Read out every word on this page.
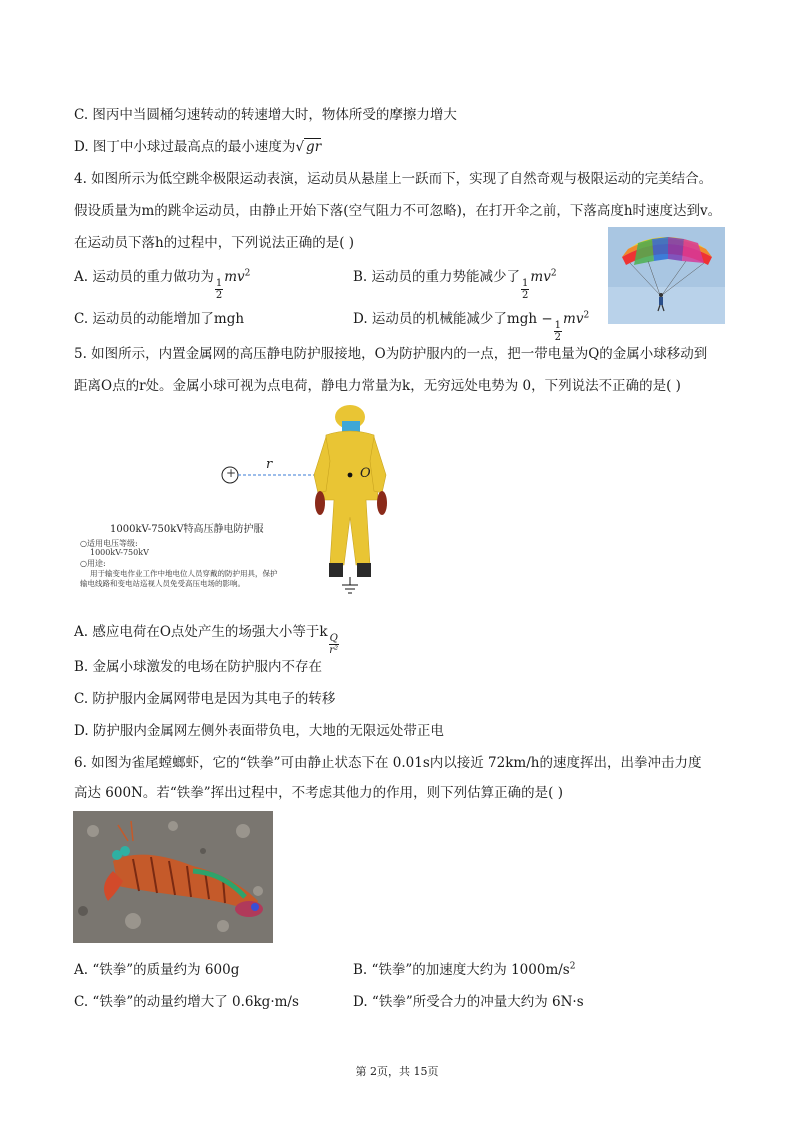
C. 图丙中当圆桶匀速转动的转速增大时，物体所受的摩擦力增大
D. 图丁中小球过最高点的最小速度为√ gr
4. 如图所示为低空跳伞极限运动表演，运动员从悬崖上一跃而下，实现了自然奇观与极限运动的完美结合。
假设质量为m的跳伞运动员，由静止开始下落(空气阻力不可忽略)，在打开伞之前，下落高度h时速度达到v。
在运动员下落h的过程中，下列说法正确的是( )
A. 运动员的重力做功为
$\frac{1}{2}$
$mv^2$	B. 运动员的重力势能减少了
$\frac{1}{2}$
$mv^2$
C. 运动员的动能增加了mgh	D. 运动员的机械能减少了mgh −
$\frac{1}{2}$
$mv^2$
5. 如图所示，内置金属网的高压静电防护服接地，O为防护服内的一点，把一带电量为Q的金属小球移动到
距离O点的r处。金属小球可视为点电荷，静电力常量为k，无穷远处电势为 0，下列说法不正确的是( )
+
r
O
1000kV-750kV特高压静电防护服
○适用电压等级:
1000kV-750kV
○用途:
用于输变电作业工作中地电位人员穿戴的防护用具，保护
输电线路和变电站巡视人员免受高压电场的影响。
A. 感应电荷在O点处产生的场强大小等于k
$\frac{Q}{\text{r²}}$
B. 金属小球激发的电场在防护服内不存在
C. 防护服内金属网带电是因为其电子的转移
D. 防护服内金属网左侧外表面带负电，大地的无限远处带正电
6. 如图为雀尾螳螂虾，它的“铁拳”可由静止状态下在 0.01s内以接近 72km/h的速度挥出，出拳冲击力度
高达 600N。若“铁拳”挥出过程中，不考虑其他力的作用，则下列估算正确的是( )
A. “铁拳”的质量约为 600g	B. “铁拳”的加速度大约为 $1000m/s^2$
C. “铁拳”的动量约增大了 0.6kg·m/s	D. “铁拳”所受合力的冲量大约为 6N·s
第 2页，共 15页
